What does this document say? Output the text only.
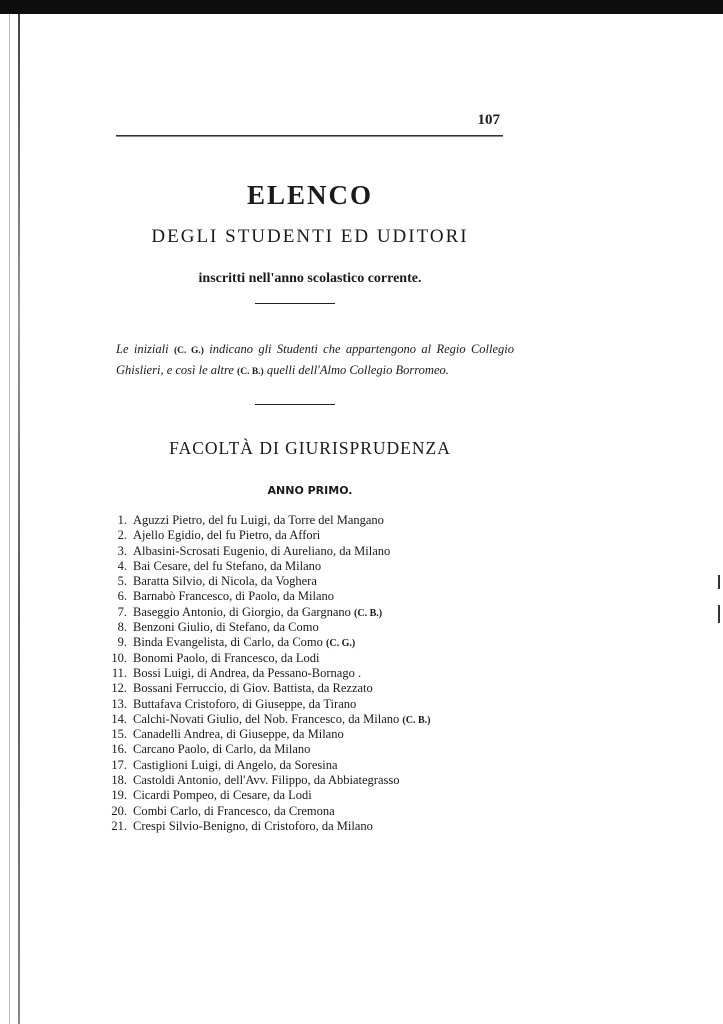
107
ELENCO
DEGLI STUDENTI ED UDITORI
inscritti nell'anno scolastico corrente.
Le iniziali (C. G.) indicano gli Studenti che appartengono al Regio Collegio Ghislieri, e così le altre (C. B.) quelli dell'Almo Collegio Borromeo.
FACOLTÀ DI GIURISPRUDENZA
ANNO PRIMO.
1. Aguzzi Pietro, del fu Luigi, da Torre del Mangano
2. Ajello Egidio, del fu Pietro, da Affori
3. Albasini-Scrosati Eugenio, di Aureliano, da Milano
4. Bai Cesare, del fu Stefano, da Milano
5. Baratta Silvio, di Nicola, da Voghera
6. Barnabò Francesco, di Paolo, da Milano
7. Baseggio Antonio, di Giorgio, da Gargnano (C. B.)
8. Benzoni Giulio, di Stefano, da Como
9. Binda Evangelista, di Carlo, da Como (C. G.)
10. Bonomi Paolo, di Francesco, da Lodi
11. Bossi Luigi, di Andrea, da Pessano-Bornago .
12. Bossani Ferruccio, di Giov. Battista, da Rezzato
13. Buttafava Cristoforo, di Giuseppe, da Tirano
14. Calchi-Novati Giulio, del Nob. Francesco, da Milano (C. B.)
15. Canadelli Andrea, di Giuseppe, da Milano
16. Carcano Paolo, di Carlo, da Milano
17. Castiglioni Luigi, di Angelo, da Soresina
18. Castoldi Antonio, dell'Avv. Filippo, da Abbiategrasso
19. Cicardi Pompeo, di Cesare, da Lodi
20. Combi Carlo, di Francesco, da Cremona
21. Crespi Silvio-Benigno, di Cristoforo, da Milano
